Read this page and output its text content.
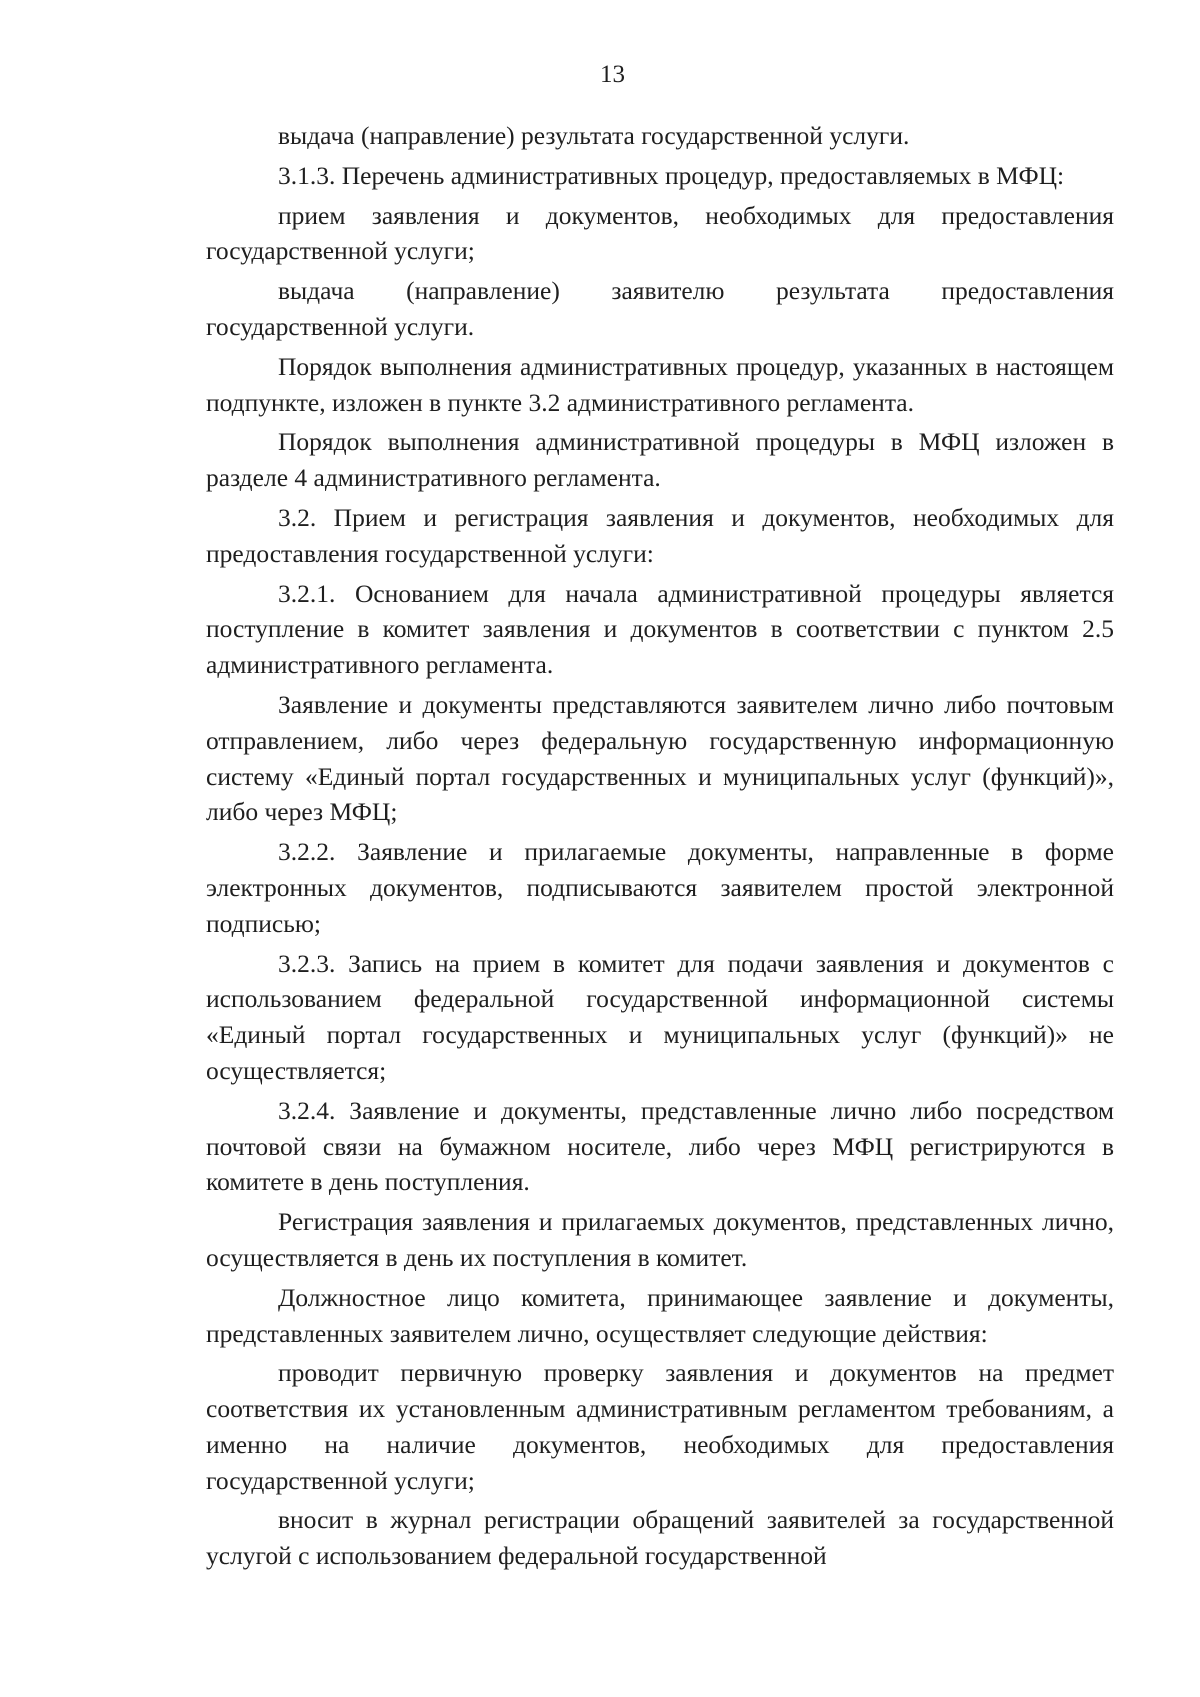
13

выдача (направление) результата государственной услуги.

3.1.3. Перечень административных процедур, предоставляемых в МФЦ:

прием заявления и документов, необходимых для предоставления государственной услуги;

выдача (направление) заявителю результата предоставления государственной услуги.

Порядок выполнения административных процедур, указанных в настоящем подпункте, изложен в пункте 3.2 административного регламента.

Порядок выполнения административной процедуры в МФЦ изложен в разделе 4 административного регламента.

3.2. Прием и регистрация заявления и документов, необходимых для предоставления государственной услуги:

3.2.1. Основанием для начала административной процедуры является поступление в комитет заявления и документов в соответствии с пунктом 2.5 административного регламента.

Заявление и документы представляются заявителем лично либо почтовым отправлением, либо через федеральную государственную информационную систему «Единый портал государственных и муниципальных услуг (функций)», либо через МФЦ;

3.2.2. Заявление и прилагаемые документы, направленные в форме электронных документов, подписываются заявителем простой электронной подписью;

3.2.3. Запись на прием в комитет для подачи заявления и документов с использованием федеральной государственной информационной системы «Единый портал государственных и муниципальных услуг (функций)» не осуществляется;

3.2.4. Заявление и документы, представленные лично либо посредством почтовой связи на бумажном носителе, либо через МФЦ регистрируются в комитете в день поступления.

Регистрация заявления и прилагаемых документов, представленных лично, осуществляется в день их поступления в комитет.

Должностное лицо комитета, принимающее заявление и документы, представленных заявителем лично, осуществляет следующие действия:

проводит первичную проверку заявления и документов на предмет соответствия их установленным административным регламентом требованиям, а именно на наличие документов, необходимых для предоставления государственной услуги;

вносит в журнал регистрации обращений заявителей за государственной услугой с использованием федеральной государственной
